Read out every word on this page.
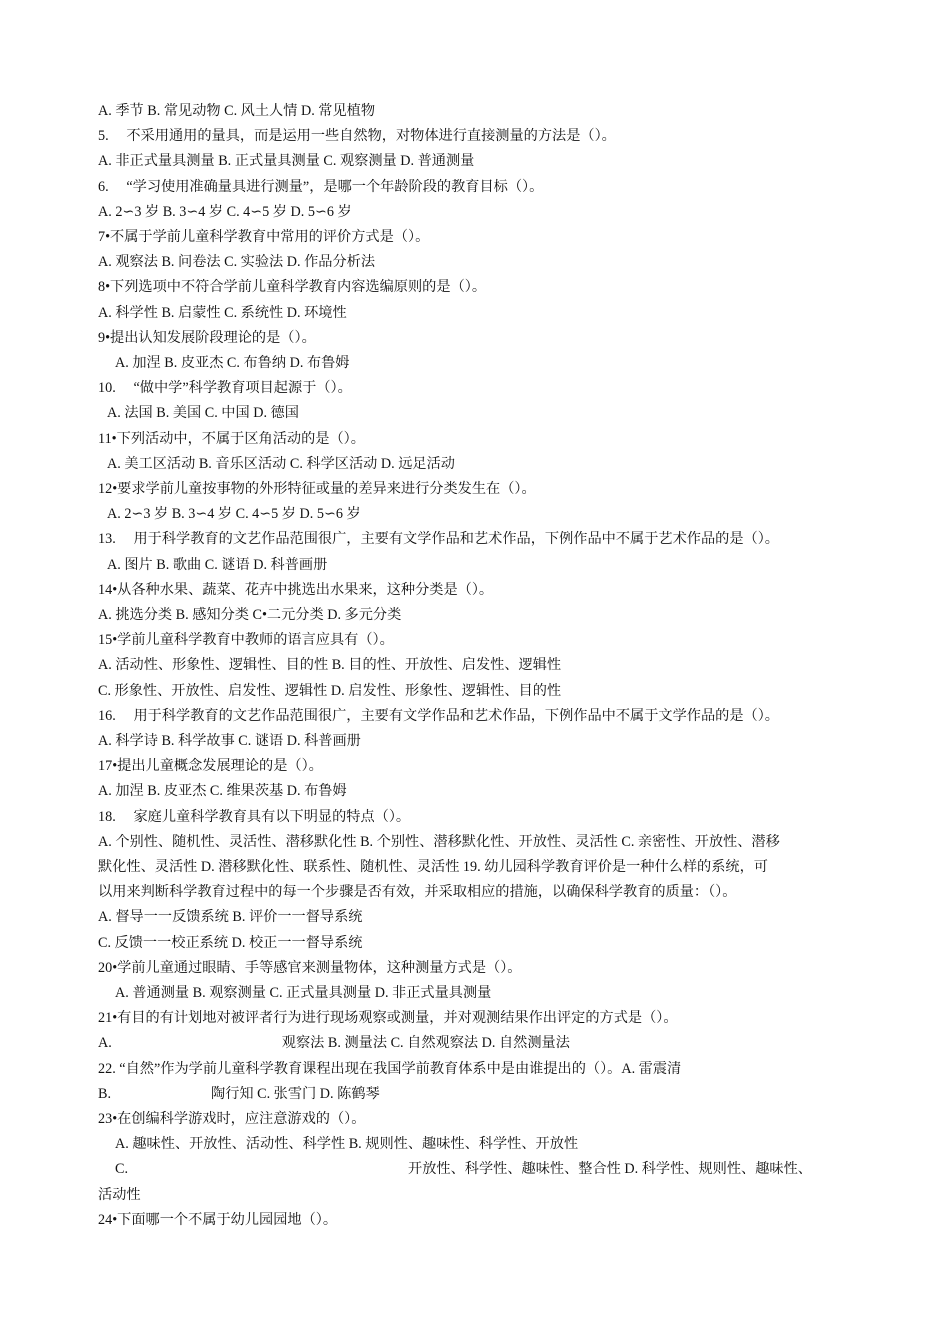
A. 季节 B. 常见动物 C. 风土人情 D. 常见植物
5.　 不采用通用的量具，而是运用一些自然物，对物体进行直接测量的方法是（）。
A. 非正式量具测量 B. 正式量具测量 C. 观察测量 D. 普通测量
6.　 “学习使用准确量具进行测量”，是哪一个年龄阶段的教育目标（）。
A. 2∽3 岁 B. 3∽4 岁 C. 4∽5 岁 D. 5∽6 岁
7•不属于学前儿童科学教育中常用的评价方式是（）。
A. 观察法 B. 问卷法 C. 实验法 D. 作品分析法
8•下列选项中不符合学前儿童科学教育内容选编原则的是（）。
A. 科学性 B. 启蒙性 C. 系统性 D. 环境性
9•提出认知发展阶段理论的是（）。
A. 加涅 B. 皮亚杰 C. 布鲁纳 D. 布鲁姆
10.　 “做中学”科学教育项目起源于（）。
A. 法国 B. 美国 C. 中国 D. 德国
11•下列活动中，不属于区角活动的是（）。
A. 美工区活动 B. 音乐区活动 C. 科学区活动 D. 远足活动
12•要求学前儿童按事物的外形特征或量的差异来进行分类发生在（）。
A. 2∽3 岁 B. 3∽4 岁 C. 4∽5 岁 D. 5∽6 岁
13.　 用于科学教育的文艺作品范围很广，主要有文学作品和艺术作品，下例作品中不属于艺术作品的是（）。
A. 图片 B. 歌曲 C. 谜语 D. 科普画册
14•从各种水果、蔬菜、花卉中挑选出水果来，这种分类是（）。
A. 挑选分类 B. 感知分类 C•二元分类 D. 多元分类
15•学前儿童科学教育中教师的语言应具有（）。
A. 活动性、形象性、逻辑性、目的性 B. 目的性、开放性、启发性、逻辑性
C. 形象性、开放性、启发性、逻辑性 D. 启发性、形象性、逻辑性、目的性
16.　 用于科学教育的文艺作品范围很广，主要有文学作品和艺术作品，下例作品中不属于文学作品的是（）。
A. 科学诗 B. 科学故事 C. 谜语 D. 科普画册
17•提出儿童概念发展理论的是（）。
A. 加涅 B. 皮亚杰 C. 维果茨基 D. 布鲁姆
18.　 家庭儿童科学教育具有以下明显的特点（）。
A. 个别性、随机性、灵活性、潜移默化性 B. 个别性、潜移默化性、开放性、灵活性 C. 亲密性、开放性、潜移
默化性、灵活性 D. 潜移默化性、联系性、随机性、灵活性 19. 幼儿园科学教育评价是一种什么样的系统，可
以用来判断科学教育过程中的每一个步骤是否有效，并采取相应的措施，以确保科学教育的质量：（）。
A. 督导一一反馈系统 B. 评价一一督导系统
C. 反馈一一校正系统 D. 校正一一督导系统
20•学前儿童通过眼睛、手等感官来测量物体，这种测量方式是（）。
A. 普通测量 B. 观察测量 C. 正式量具测量 D. 非正式量具测量
21•有目的有计划地对被评者行为进行现场观察或测量，并对观测结果作出评定的方式是（）。
A.	观察法 B. 测量法 C. 自然观察法 D. 自然测量法
22. “自然”作为学前儿童科学教育课程出现在我国学前教育体系中是由谁提出的（）。A. 雷震清
B.	陶行知 C. 张雪门 D. 陈鹤琴
23•在创编科学游戏时，应注意游戏的（）。
A. 趣味性、开放性、活动性、科学性 B. 规则性、趣味性、科学性、开放性
C.	开放性、科学性、趣味性、整合性 D. 科学性、规则性、趣味性、
活动性
24•下面哪一个不属于幼儿园园地（）。
